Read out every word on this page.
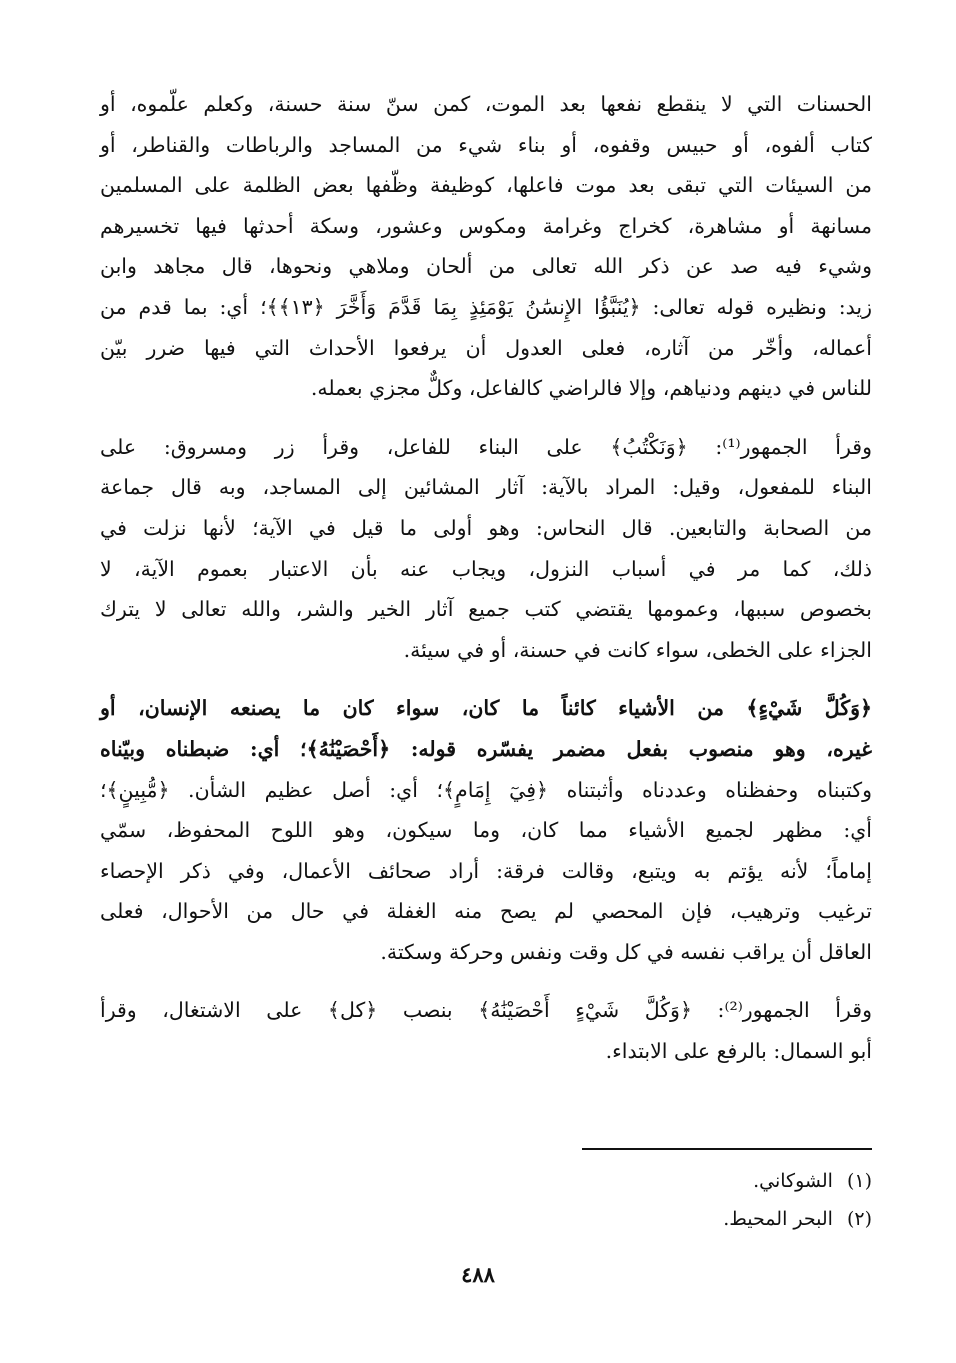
الحسنات التي لا ينقطع نفعها بعد الموت، كمن سنّ سنة حسنة، وكعلم علّموه، أو
كتاب ألفوه، أو حبيس وقفوه، أو بناء شيء من المساجد والرباطات والقناطر، أو
من السيئات التي تبقى بعد موت فاعلها، كوظيفة وظّفها بعض الظلمة على المسلمين
مسانهة أو مشاهرة، كخراج وغرامة ومكوس وعشور، وسكة أحدثها فيها تخسيرهم
وشيء فيه صد عن ذكر الله تعالى من ألحان وملاهي ونحوها، قال مجاهد وابن
زيد: ونظيره قوله تعالى: ﴿يُنَبَّؤُا الإِنسَٰنُ يَوْمَئِذٍ بِمَا قَدَّمَ وَأَخَّرَ ﴿١٣﴾﴾؛ أي: بما قدم من
أعماله، وأخّر من آثاره، فعلى العدول أن يرفعوا الأحداث التي فيها ضرر بيّن
للناس في دينهم ودنياهم، وإلا فالراضي كالفاعل، وكلٌّ مجزي بعمله.
وقرأ الجمهور⁽¹⁾: ﴿وَنَكْتُبُ﴾ على البناء للفاعل، وقرأ زر ومسروق: على
البناء للمفعول، وقيل: المراد بالآية: آثار المشائين إلى المساجد، وبه قال جماعة
من الصحابة والتابعين. قال النحاس: وهو أولى ما قيل في الآية؛ لأنها نزلت في
ذلك، كما مر في أسباب النزول، ويجاب عنه بأن الاعتبار بعموم الآية، لا
بخصوص سببها، وعمومها يقتضي كتب جميع آثار الخير والشر، والله تعالى لا يترك
الجزاء على الخطى، سواء كانت في حسنة، أو في سيئة.
﴿وَكُلَّ شَيْءٍ﴾ من الأشياء كائناً ما كان، سواء كان ما يصنعه الإنسان، أو
غيره، وهو منصوب بفعل مضمر يفسّره قوله: ﴿أَحْصَيْنَٰهُ﴾؛ أي: ضبطناه وبيّناه
وكتبناه وحفظناه وعددناه وأثبتناه ﴿فِيٓ إِمَامٍ﴾؛ أي: أصل عظيم الشأن. ﴿مُّبِينٍ﴾؛
أي: مظهر لجميع الأشياء مما كان، وما سيكون، وهو اللوح المحفوظ، سمّي
إماماً؛ لأنه يؤتم به ويتبع، وقالت فرقة: أراد صحائف الأعمال، وفي ذكر الإحصاء
ترغيب وترهيب، فإن المحصي لم يصح منه الغفلة في حال من الأحوال، فعلى
العاقل أن يراقب نفسه في كل وقت ونفس وحركة وسكتة.
وقرأ الجمهور⁽²⁾: ﴿وَكُلَّ شَيْءٍ أَحْصَيْنَٰهُ﴾ بنصب ﴿كل﴾ على الاشتغال، وقرأ
أبو السمال: بالرفع على الابتداء.
(١)الشوكاني.
(٢)البحر المحيط.
٤٨٨
